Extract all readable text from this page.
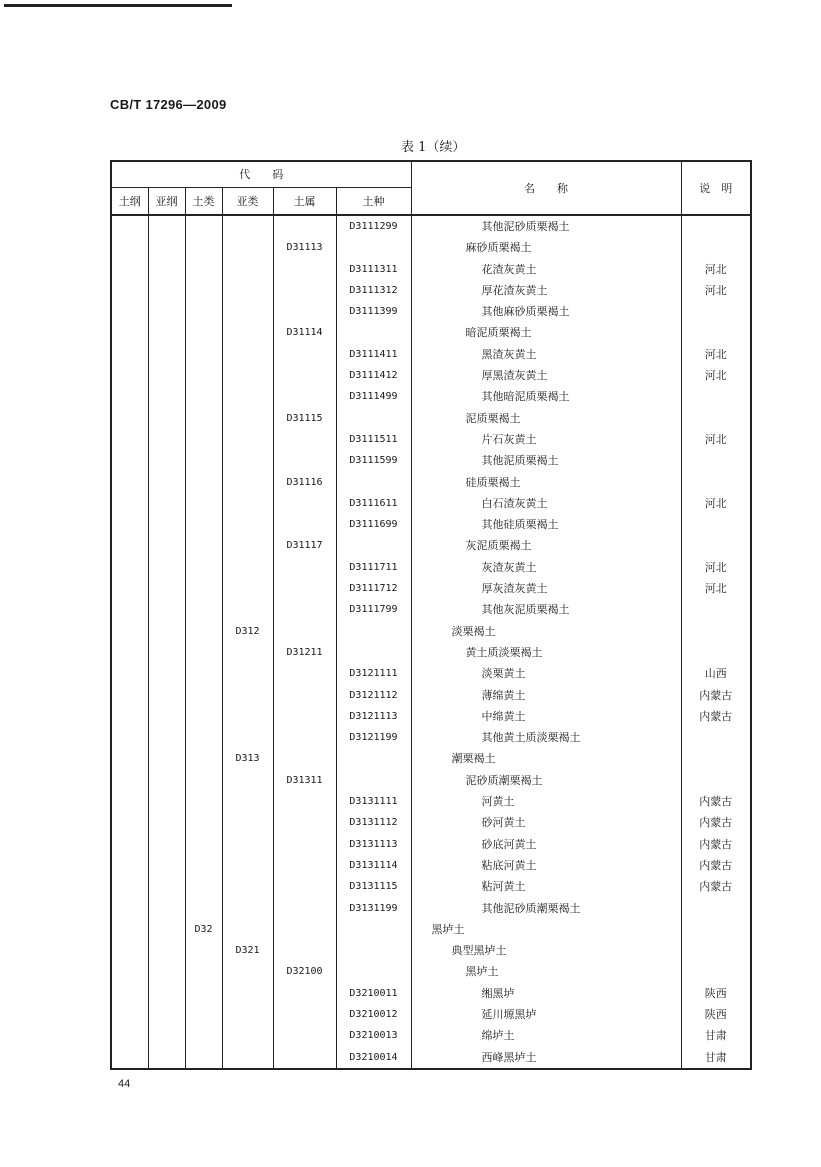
CB/T 17296—2009
表 1（续）
代　　码						名　　称	说　明
土纲	亚纲	土类	亚类	土属	土种		
					D3111299	其他泥砂质栗褐土	
				D31113		麻砂质栗褐土	
					D3111311	花渣灰黄土	河北
					D3111312	厚花渣灰黄土	河北
					D3111399	其他麻砂质栗褐土	
				D31114		暗泥质栗褐土	
					D3111411	黑渣灰黄土	河北
					D3111412	厚黑渣灰黄土	河北
					D3111499	其他暗泥质栗褐土	
				D31115		泥质栗褐土	
					D3111511	片石灰黄土	河北
					D3111599	其他泥质栗褐土	
				D31116		硅质栗褐土	
					D3111611	白石渣灰黄土	河北
					D3111699	其他硅质栗褐土	
				D31117		灰泥质栗褐土	
					D3111711	灰渣灰黄土	河北
					D3111712	厚灰渣灰黄土	河北
					D3111799	其他灰泥质栗褐土	
			D312			淡栗褐土	
				D31211		黄土质淡栗褐土	
					D3121111	淡栗黄土	山西
					D3121112	薄绵黄土	内蒙古
					D3121113	中绵黄土	内蒙古
					D3121199	其他黄土质淡栗褐土	
			D313			潮栗褐土	
				D31311		泥砂质潮栗褐土	
					D3131111	河黄土	内蒙古
					D3131112	砂河黄土	内蒙古
					D3131113	砂底河黄土	内蒙古
					D3131114	粘底河黄土	内蒙古
					D3131115	粘河黄土	内蒙古
					D3131199	其他泥砂质潮栗褐土	
		D32				黑垆土	
			D321			典型黑垆土	
				D32100		黑垆土	
					D3210011	缃黑垆	陕西
					D3210012	延川塬黑垆	陕西
					D3210013	绵垆土	甘肃
					D3210014	西峰黑垆土	甘肃
44
